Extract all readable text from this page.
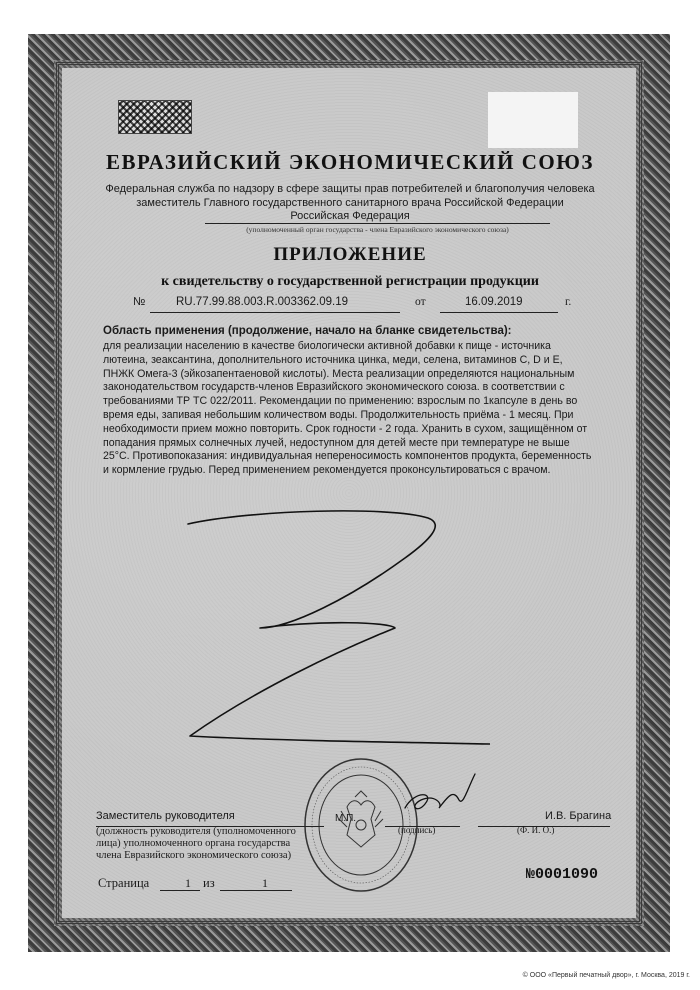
ЕВРАЗИЙСКИЙ ЭКОНОМИЧЕСКИЙ СОЮЗ
Федеральная служба по надзору в сфере защиты прав потребителей и благополучия человека
заместитель Главного государственного санитарного врача Российской Федерации
Российская Федерация
(уполномоченный орган государства - члена Евразийского экономического союза)
ПРИЛОЖЕНИЕ
к свидетельству о государственной регистрации продукции
№	RU.77.99.88.003.R.003362.09.19	от	16.09.2019	г.
Область применения (продолжение, начало на бланке свидетельства):
для реализации населению в качестве биологически активной добавки к пище - источника
лютеина, зеаксантина, дополнительного источника цинка, меди, селена, витаминов С, D и Е,
ПНЖК Омега-3 (эйкозапентаеновой кислоты). Места реализации определяются национальным
законодательством государств-членов Евразийского экономического союза. в соответствии с
требованиями ТР ТС 022/2011. Рекомендации по применению: взрослым по 1капсуле в день во
время еды, запивая небольшим количеством воды. Продолжительность приёма - 1 месяц. При
необходимости прием можно повторить. Срок годности - 2 года. Хранить в сухом, защищённом от
попадания прямых солнечных лучей, недоступном для детей месте при температуре не выше
25°С. Противопоказания: индивидуальная непереносимость компонентов продукта, беременность
и кормление грудью. Перед применением рекомендуется проконсультироваться с врачом.
Заместитель руководителя	М.П.
(подпись)
И.В. Брагина
(Ф. И. О.)
(должность руководителя (уполномоченного
лица) уполномоченного органа государства
члена Евразийского экономического союза)
Страница	1 из	1	№0001090
© ООО «Первый печатный двор», г. Москва, 2019 г.
